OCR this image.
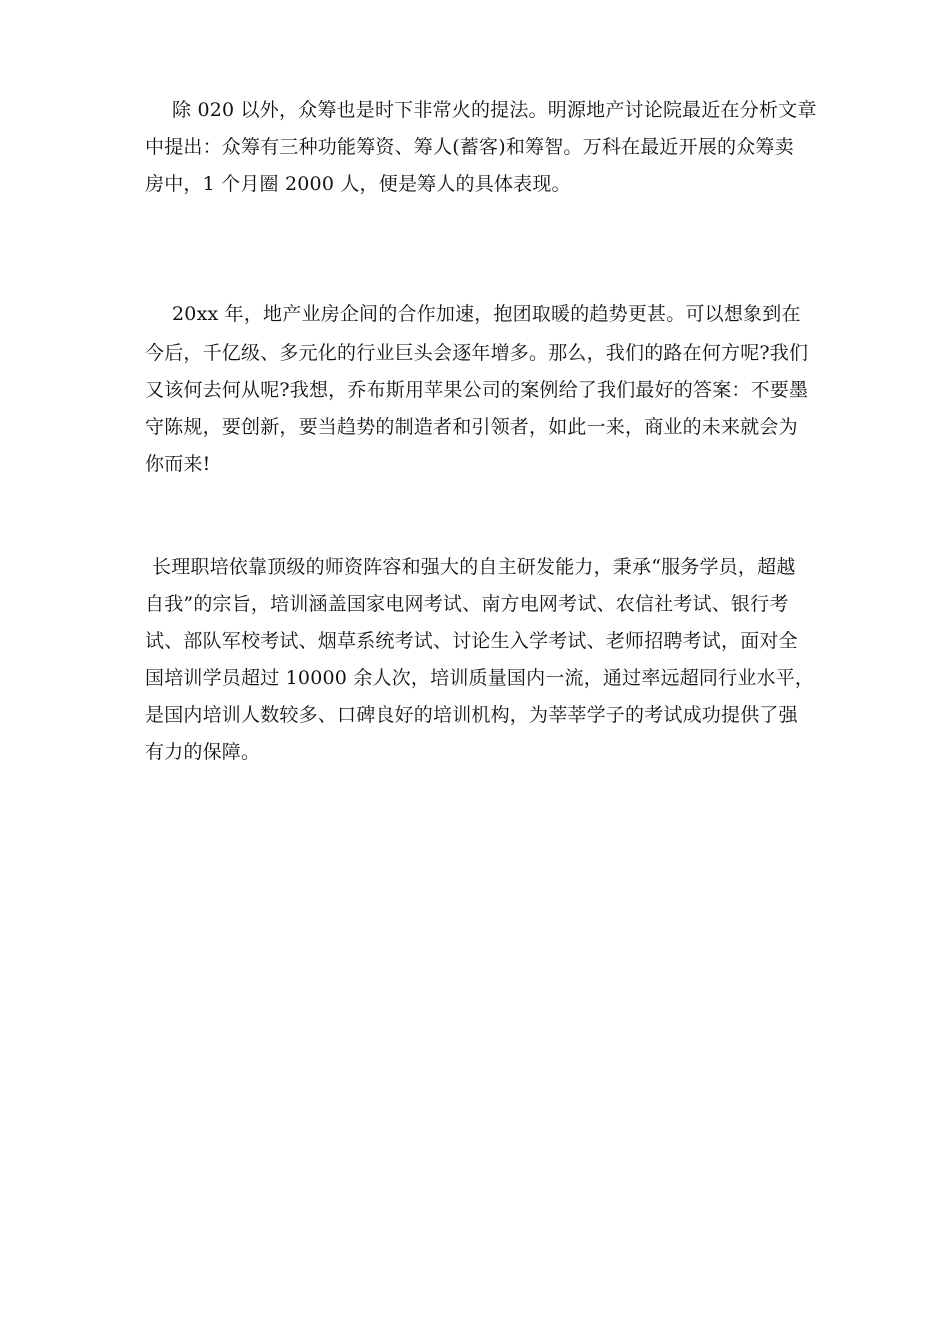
除 020 以外，众筹也是时下非常火的提法。明源地产讨论院最近在分析文章
中提出：众筹有三种功能筹资、筹人(蓄客)和筹智。万科在最近开展的众筹卖
房中，1 个月圈 2000 人，便是筹人的具体表现。
20xx 年，地产业房企间的合作加速，抱团取暖的趋势更甚。可以想象到在
今后，千亿级、多元化的行业巨头会逐年增多。那么，我们的路在何方呢?我们
又该何去何从呢?我想，乔布斯用苹果公司的案例给了我们最好的答案：不要墨
守陈规，要创新，要当趋势的制造者和引领者，如此一来，商业的未来就会为
你而来!
长理职培依靠顶级的师资阵容和强大的自主研发能力，秉承“服务学员，超越
自我”的宗旨，培训涵盖国家电网考试、南方电网考试、农信社考试、银行考
试、部队军校考试、烟草系统考试、讨论生入学考试、老师招聘考试，面对全
国培训学员超过 10000 余人次，培训质量国内一流，通过率远超同行业水平，
是国内培训人数较多、口碑良好的培训机构，为莘莘学子的考试成功提供了强
有力的保障。
